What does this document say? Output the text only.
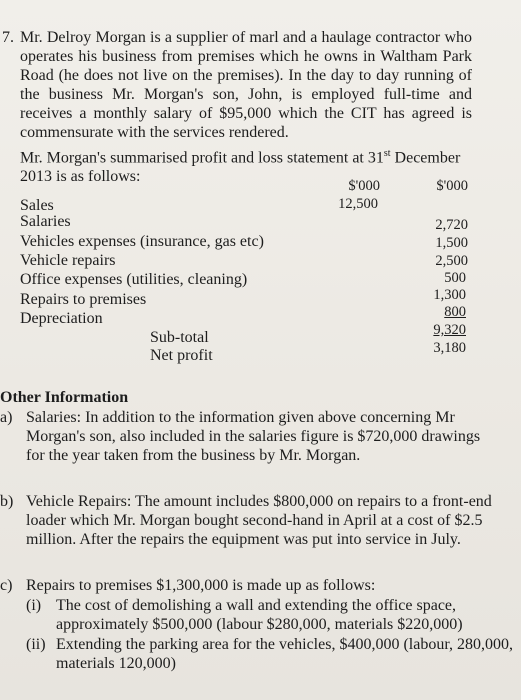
7. Mr. Delroy Morgan is a supplier of marl and a haulage contractor who operates his business from premises which he owns in Waltham Park Road (he does not live on the premises). In the day to day running of the business Mr. Morgan's son, John, is employed full-time and receives a monthly salary of $95,000 which the CIT has agreed is commensurate with the services rendered.
Mr. Morgan's summarised profit and loss statement at 31st December 2013 is as follows:
$'000	$'000
Sales	12,500
Salaries	2,720
Vehicles expenses (insurance, gas etc)	1,500
Vehicle repairs	2,500
Office expenses (utilities, cleaning)	500
Repairs to premises	1,300
Depreciation	800
Sub-total	9,320
Net profit	3,180
Other Information
a) Salaries: In addition to the information given above concerning Mr Morgan's son, also included in the salaries figure is $720,000 drawings for the year taken from the business by Mr. Morgan.
b) Vehicle Repairs: The amount includes $800,000 on repairs to a front-end loader which Mr. Morgan bought second-hand in April at a cost of $2.5 million. After the repairs the equipment was put into service in July.
c) Repairs to premises $1,300,000 is made up as follows:
(i) The cost of demolishing a wall and extending the office space, approximately $500,000 (labour $280,000, materials $220,000)
(ii) Extending the parking area for the vehicles, $400,000 (labour, 280,000, materials 120,000)
